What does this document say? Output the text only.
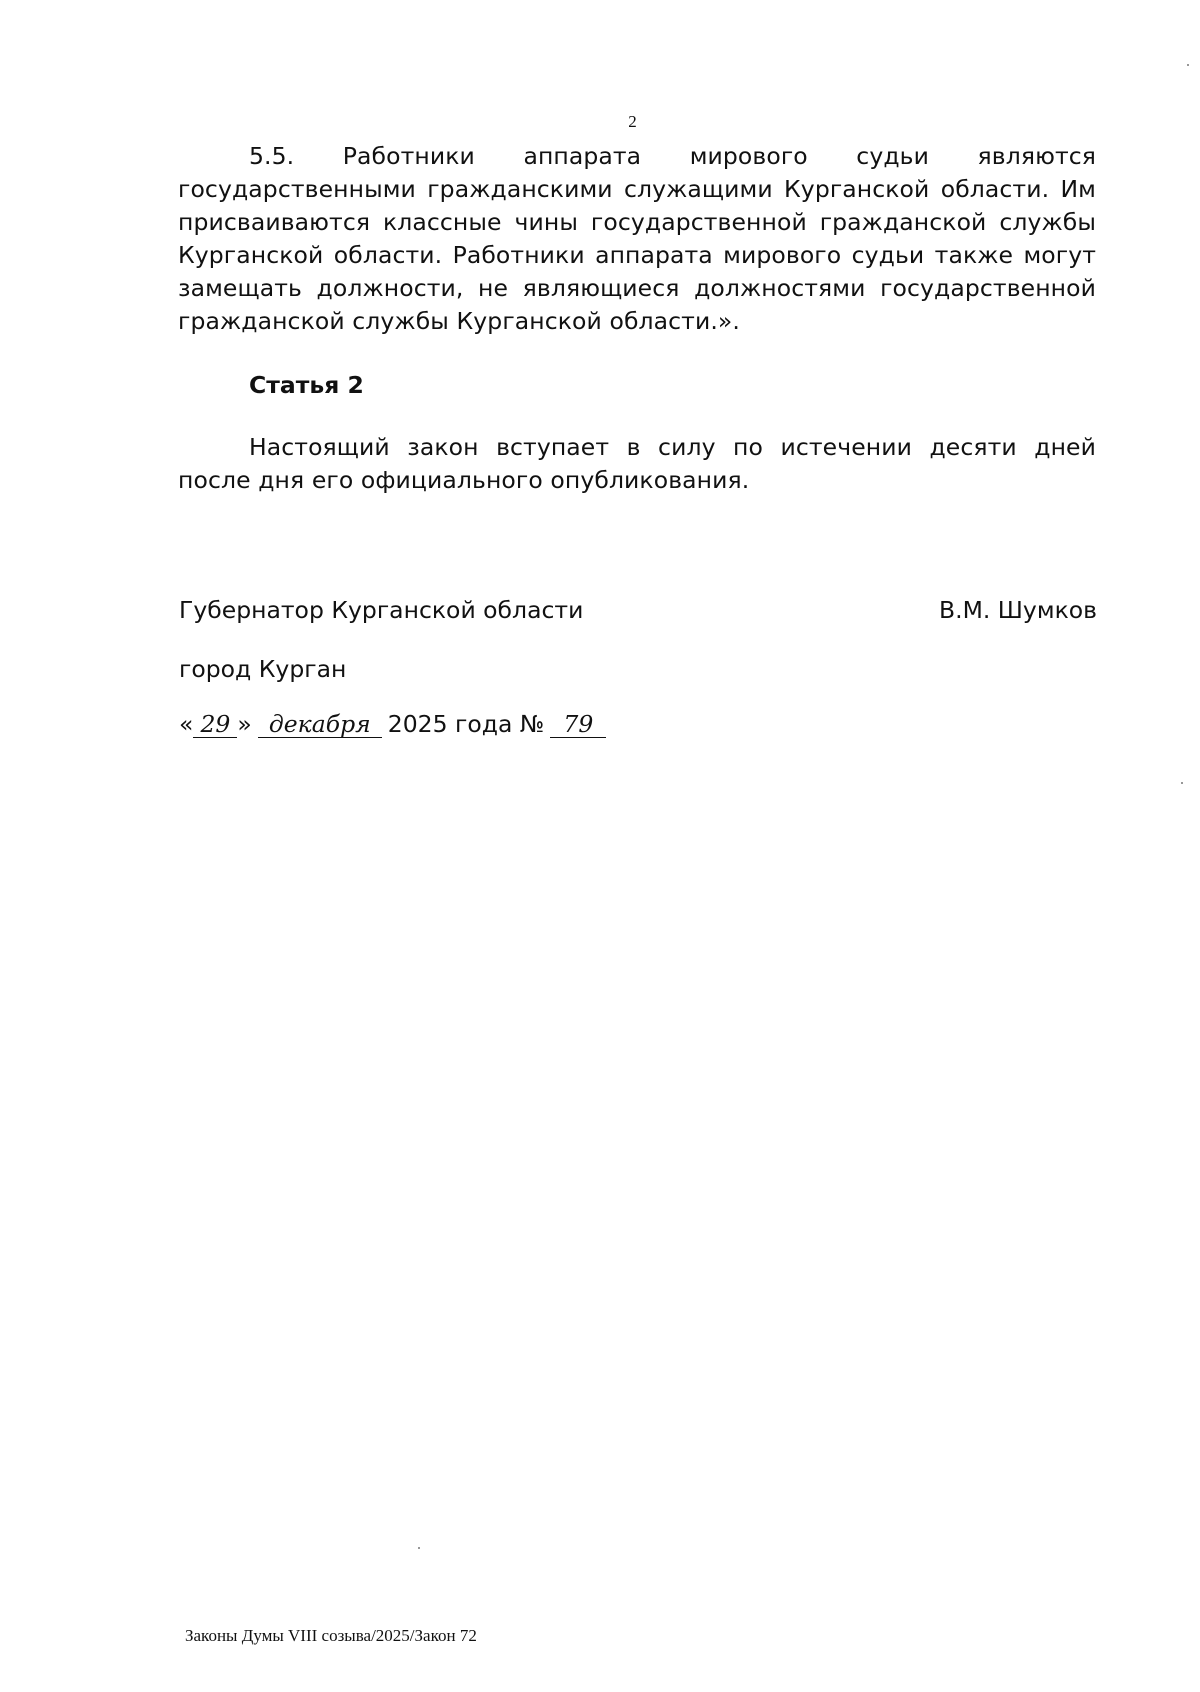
2
5.5. Работники аппарата мирового судьи являются государственными гражданскими служащими Курганской области. Им присваиваются классные чины государственной гражданской службы Курганской области. Работники аппарата мирового судьи также могут замещать должности, не являющиеся должностями государственной гражданской службы Курганской области.».
Статья 2
Настоящий закон вступает в силу по истечении десяти дней после дня его официального опубликования.
Губернатор Курганской области	В.М. Шумков
город Курган
« 29 » декабря 2025 года № 79
Законы Думы VIII созыва/2025/Закон 72
